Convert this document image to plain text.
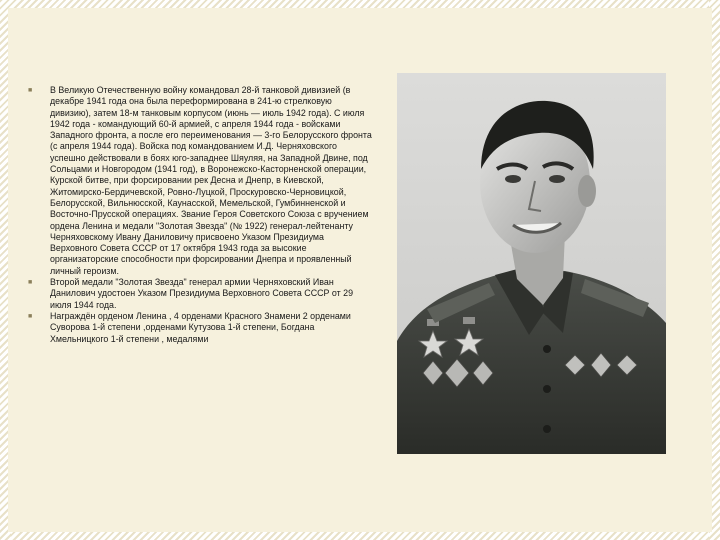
■ В Великую Отечественную войну командовал 28-й танковой дивизией (в декабре 1941 года она была переформирована в 241-ю стрелковую дивизию), затем 18-м танковым корпусом (июнь — июль 1942 года). С июля 1942 года - командующий 60-й армией, с апреля 1944 года - войсками Западного фронта, а после его переименования — 3-го Белорусского фронта (с апреля 1944 года). Войска под командованием И.Д. Черняховского успешно действовали в боях юго-западнее Шяуляя, на Западной Двине, под Сольцами и Новгородом (1941 год), в Воронежско-Касторненской операции, Курской битве, при форсировании рек Десна и Днепр, в Киевской, Житомирско-Бердичевской, Ровно-Луцкой, Проскуровско-Черновицкой, Белорусской, Вильнюсской, Каунасской, Мемельской, Гумбинненской и Восточно-Прусской операциях. Звание Героя Советского Союза с вручением ордена Ленина и медали "Золотая Звезда" (№ 1922) генерал-лейтенанту Черняховскому Ивану Даниловичу присвоено Указом Президиума Верховного Совета СССР от 17 октября 1943 года за высокие организаторские способности при форсировании Днепра и проявленный личный героизм.

■ Второй медали "Золотая Звезда" генерал армии Черняховский Иван Данилович удостоен Указом Президиума Верховного Совета СССР от 29 июля 1944 года.

■ Награждён орденом Ленина , 4 орденами Красного Знамени 2 орденами Суворова 1-й степени ,орденами Кутузова 1-й степени, Богдана Хмельницкого 1-й степени , медалями
